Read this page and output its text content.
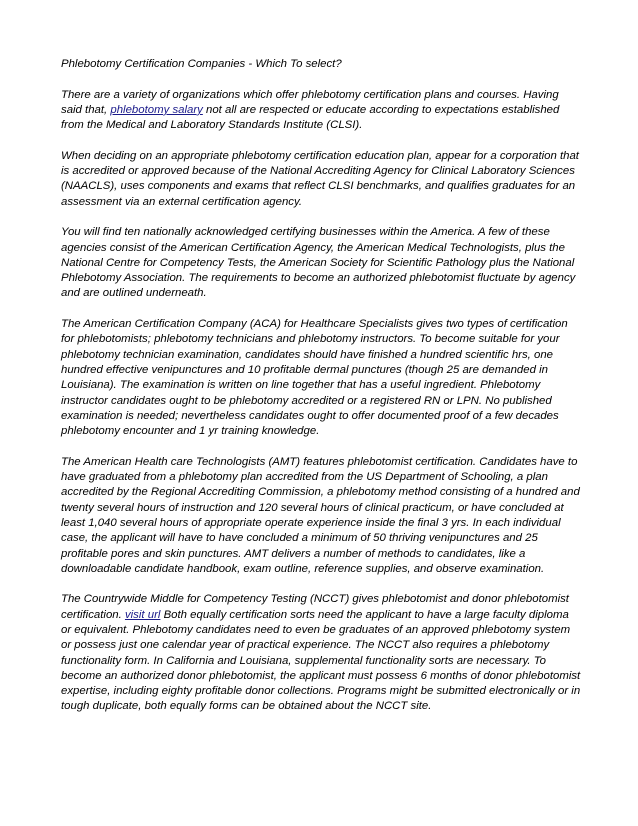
Phlebotomy Certification Companies - Which To select?

There are a variety of organizations which offer phlebotomy certification plans and courses. Having said that, phlebotomy salary not all are respected or educate according to expectations established from the Medical and Laboratory Standards Institute (CLSI).

When deciding on an appropriate phlebotomy certification education plan, appear for a corporation that is accredited or approved because of the National Accrediting Agency for Clinical Laboratory Sciences (NAACLS), uses components and exams that reflect CLSI benchmarks, and qualifies graduates for an assessment via an external certification agency.

You will find ten nationally acknowledged certifying businesses within the America. A few of these agencies consist of the American Certification Agency, the American Medical Technologists, plus the National Centre for Competency Tests, the American Society for Scientific Pathology plus the National Phlebotomy Association. The requirements to become an authorized phlebotomist fluctuate by agency and are outlined underneath.

The American Certification Company (ACA) for Healthcare Specialists gives two types of certification for phlebotomists; phlebotomy technicians and phlebotomy instructors. To become suitable for your phlebotomy technician examination, candidates should have finished a hundred scientific hrs, one hundred effective venipunctures and 10 profitable dermal punctures (though 25 are demanded in Louisiana). The examination is written on line together that has a useful ingredient. Phlebotomy instructor candidates ought to be phlebotomy accredited or a registered RN or LPN. No published examination is needed; nevertheless candidates ought to offer documented proof of a few decades phlebotomy encounter and 1 yr training knowledge.

The American Health care Technologists (AMT) features phlebotomist certification. Candidates have to have graduated from a phlebotomy plan accredited from the US Department of Schooling, a plan accredited by the Regional Accrediting Commission, a phlebotomy method consisting of a hundred and twenty several hours of instruction and 120 several hours of clinical practicum, or have concluded at least 1,040 several hours of appropriate operate experience inside the final 3 yrs. In each individual case, the applicant will have to have concluded a minimum of 50 thriving venipunctures and 25 profitable pores and skin punctures. AMT delivers a number of methods to candidates, like a downloadable candidate handbook, exam outline, reference supplies, and observe examination.

The Countrywide Middle for Competency Testing (NCCT) gives phlebotomist and donor phlebotomist certification. visit url Both equally certification sorts need the applicant to have a large faculty diploma or equivalent. Phlebotomy candidates need to even be graduates of an approved phlebotomy system or possess just one calendar year of practical experience. The NCCT also requires a phlebotomy functionality form. In California and Louisiana, supplemental functionality sorts are necessary. To become an authorized donor phlebotomist, the applicant must possess 6 months of donor phlebotomist expertise, including eighty profitable donor collections. Programs might be submitted electronically or in tough duplicate, both equally forms can be obtained about the NCCT site.
